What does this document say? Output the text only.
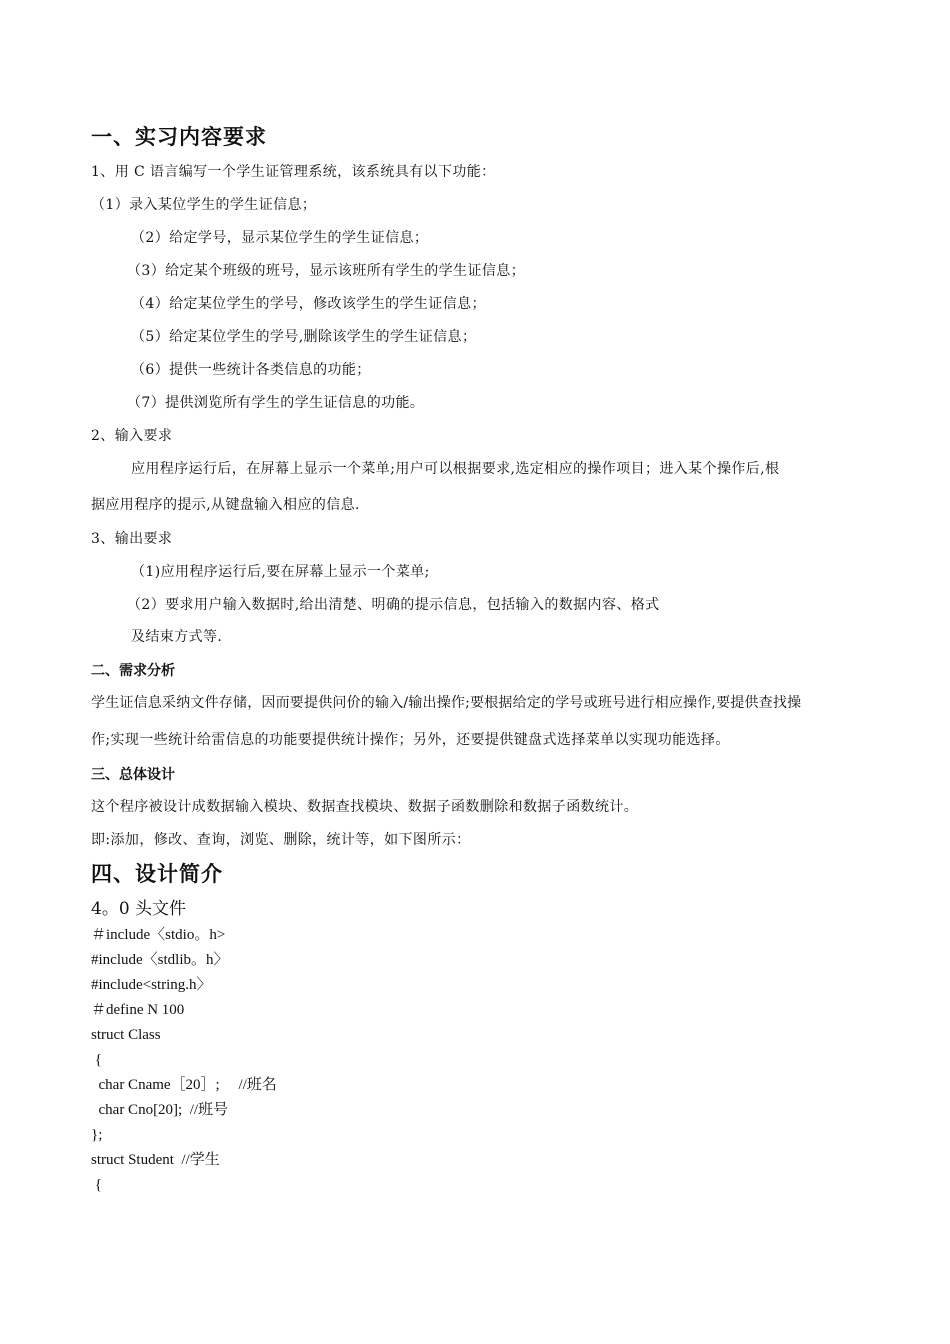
一、实习内容要求
1、用 C 语言编写一个学生证管理系统，该系统具有以下功能：
（1）录入某位学生的学生证信息；
（2）给定学号，显示某位学生的学生证信息；
（3）给定某个班级的班号，显示该班所有学生的学生证信息；
（4）给定某位学生的学号，修改该学生的学生证信息；
（5）给定某位学生的学号,删除该学生的学生证信息；
（6）提供一些统计各类信息的功能；
（7）提供浏览所有学生的学生证信息的功能。
2、输入要求
应用程序运行后，在屏幕上显示一个菜单;用户可以根据要求,选定相应的操作项目；进入某个操作后,根
据应用程序的提示,从键盘输入相应的信息.
3、输出要求
（1)应用程序运行后,要在屏幕上显示一个菜单;
（2）要求用户输入数据时,给出清楚、明确的提示信息，包括输入的数据内容、格式
及结束方式等.
二、需求分析
学生证信息采纳文件存储，因而要提供问价的输入/输出操作;要根据给定的学号或班号进行相应操作,要提供查找操
作;实现一些统计给雷信息的功能要提供统计操作；另外，还要提供键盘式选择菜单以实现功能选择。
三、总体设计
这个程序被设计成数据输入模块、数据查找模块、数据子函数删除和数据子函数统计。
即:添加，修改、查询，浏览、删除，统计等，如下图所示：
四、设计简介
4。0 头文件
＃include〈stdio。h>
#include〈stdlib。h〉
#include<string.h〉
＃define N 100
struct Class
{
char Cname［20］;     //班名
char Cno[20];  //班号
};
struct Student  //学生
{
